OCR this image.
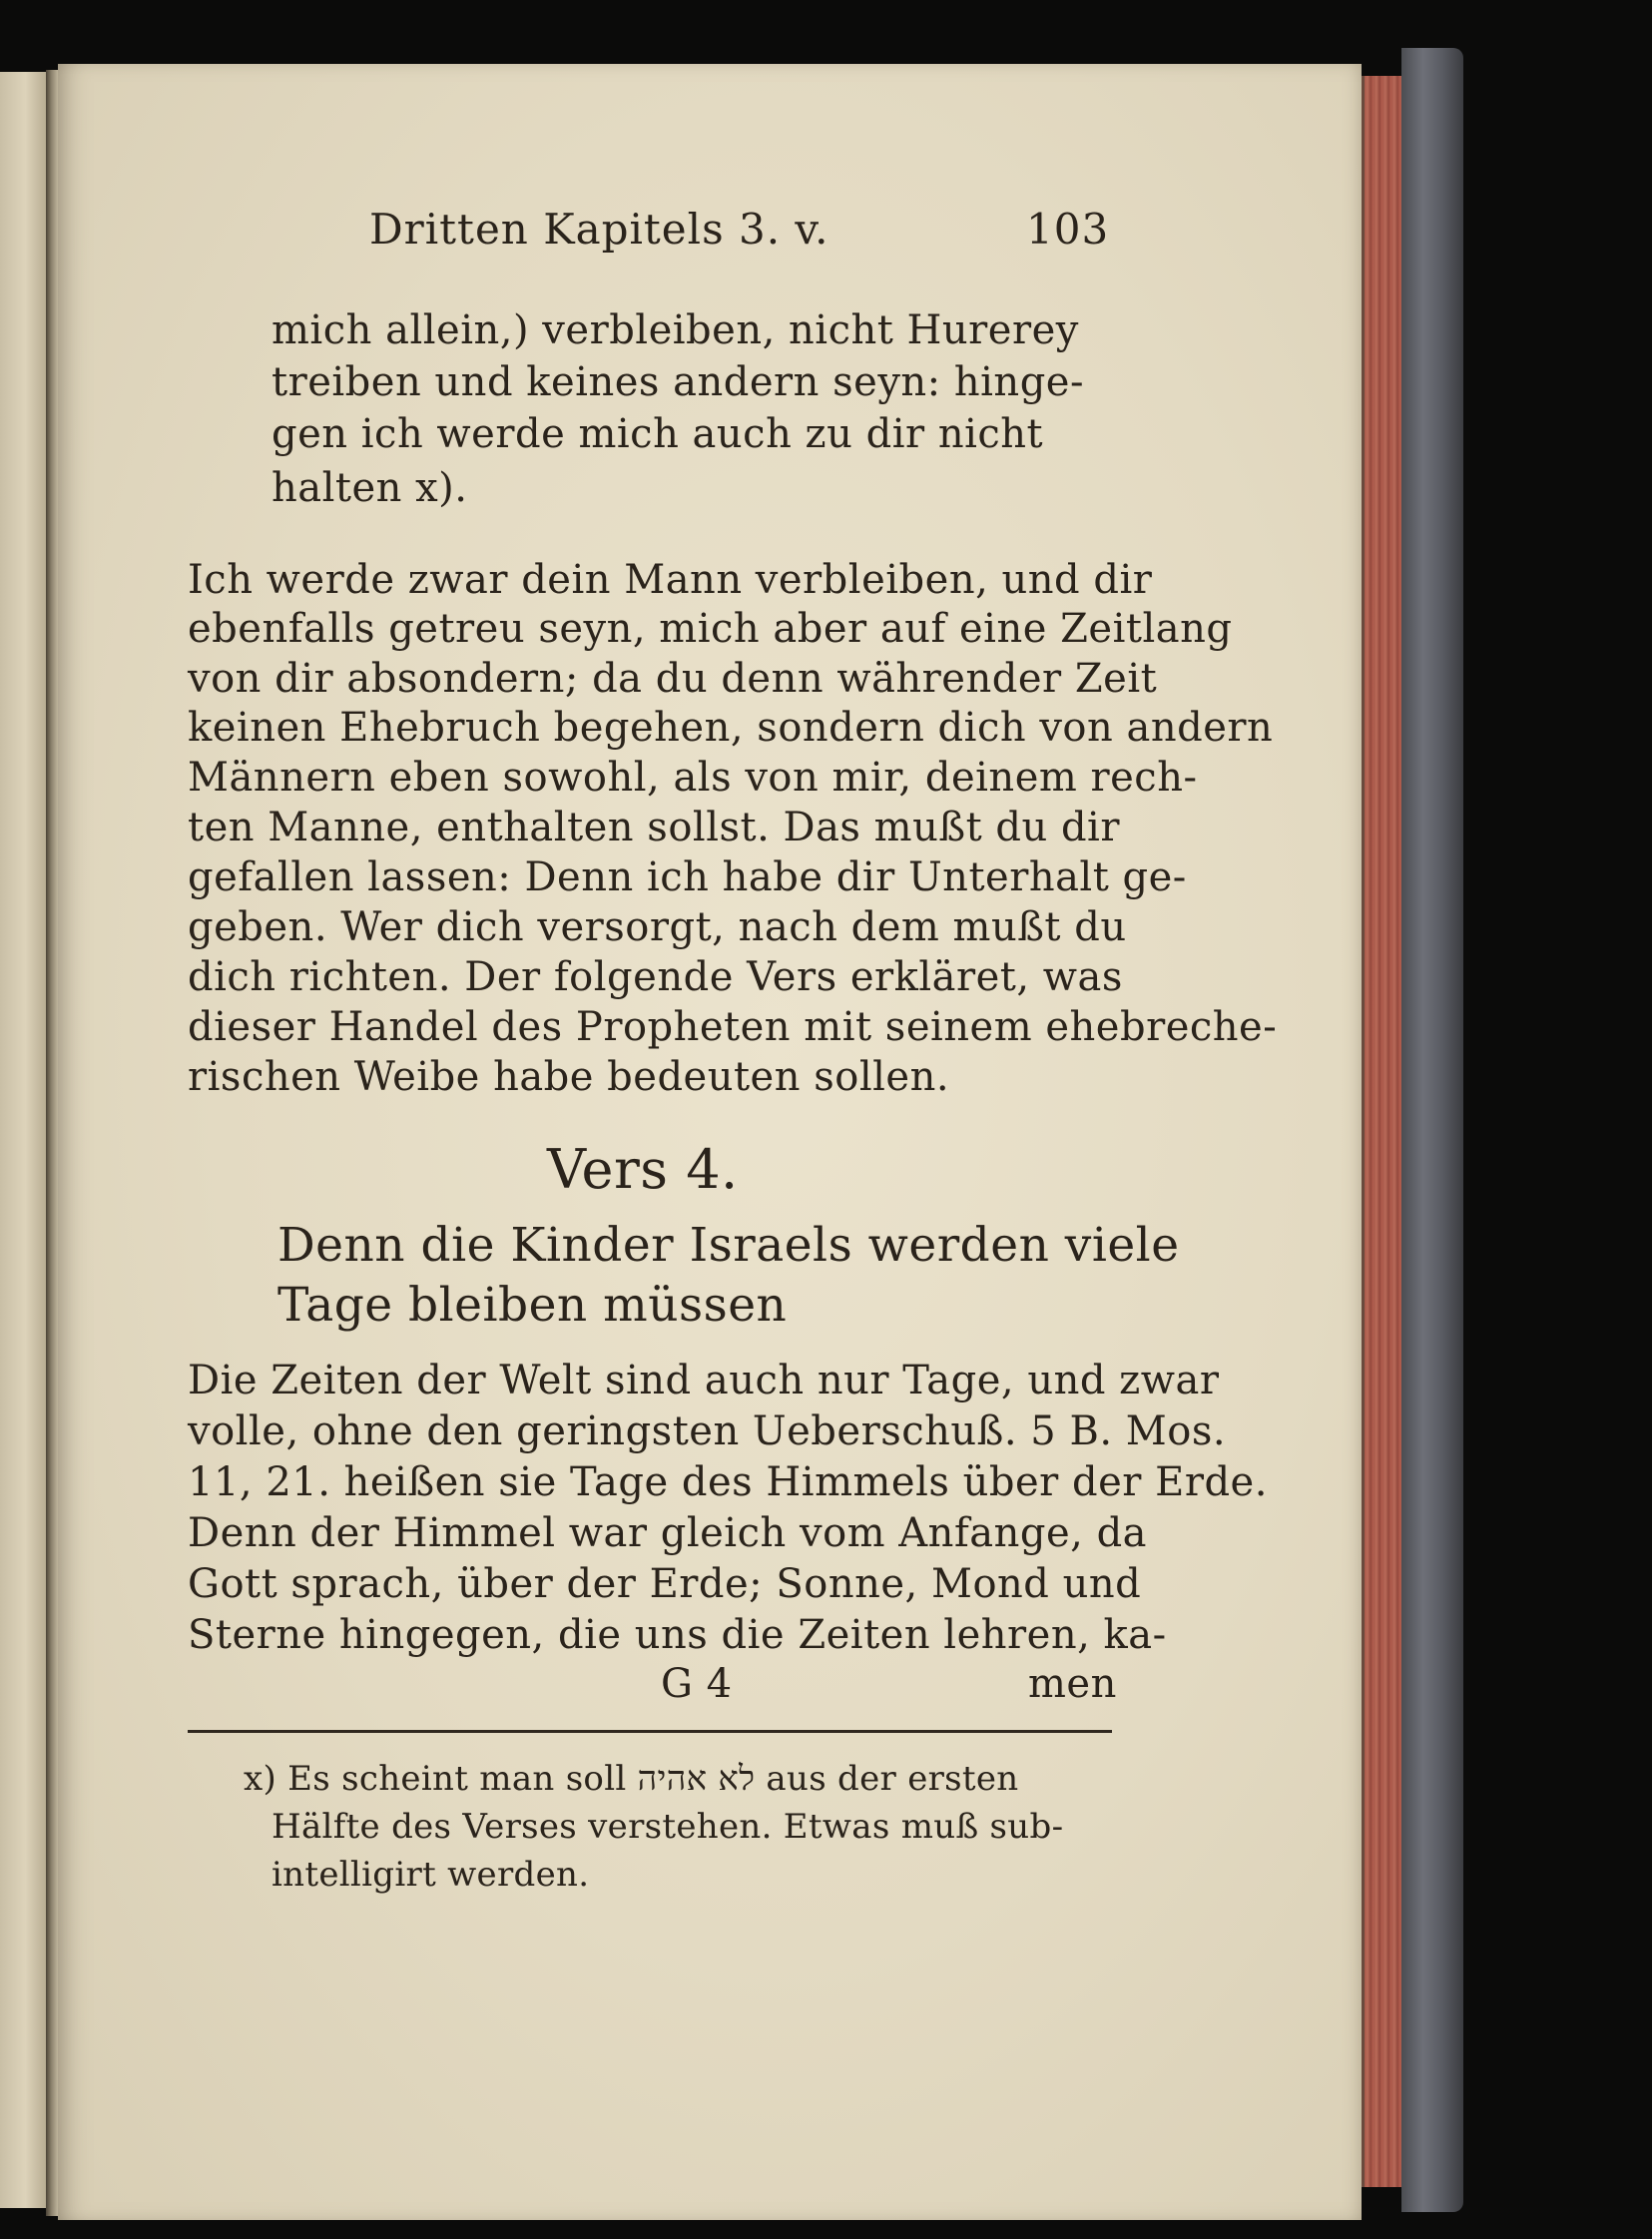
Dritten Kapitels 3. v.	103
mich allein,) verbleiben, nicht Hurerey
treiben und keines andern seyn: hinge-
gen ich werde mich auch zu dir nicht
halten x).
Ich werde zwar dein Mann verbleiben, und dir
ebenfalls getreu seyn, mich aber auf eine Zeitlang
von dir absondern; da du denn währender Zeit
keinen Ehebruch begehen, sondern dich von andern
Männern eben sowohl, als von mir, deinem rech-
ten Manne, enthalten sollst. Das mußt du dir
gefallen lassen: Denn ich habe dir Unterhalt ge-
geben. Wer dich versorgt, nach dem mußt du
dich richten. Der folgende Vers erkläret, was
dieser Handel des Propheten mit seinem ehebreche-
rischen Weibe habe bedeuten sollen.
Vers 4.
Denn die Kinder Israels werden viele
Tage bleiben müssen
Die Zeiten der Welt sind auch nur Tage, und zwar
volle, ohne den geringsten Ueberschuß. 5 B. Mos.
11, 21. heißen sie Tage des Himmels über der Erde.
Denn der Himmel war gleich vom Anfange, da
Gott sprach, über der Erde; Sonne, Mond und
Sterne hingegen, die uns die Zeiten lehren, ka-
G 4	men
x) Es scheint man soll לא אהיה aus der ersten
Hälfte des Verses verstehen. Etwas muß sub-
intelligirt werden.
